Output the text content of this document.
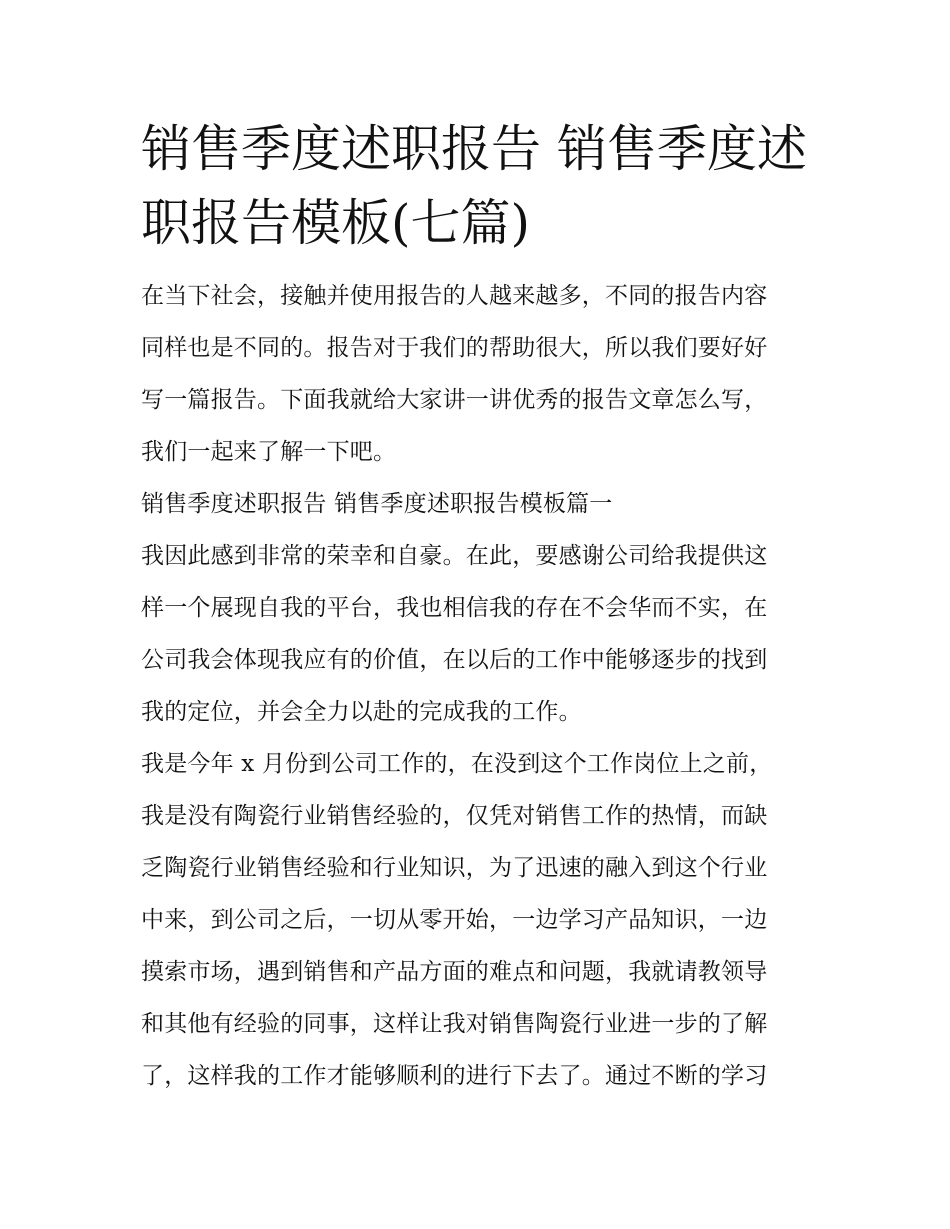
销售季度述职报告 销售季度述
职报告模板(七篇)
在当下社会，接触并使用报告的人越来越多，不同的报告内容
同样也是不同的。报告对于我们的帮助很大，所以我们要好好
写一篇报告。下面我就给大家讲一讲优秀的报告文章怎么写，
我们一起来了解一下吧。
销售季度述职报告 销售季度述职报告模板篇一
我因此感到非常的荣幸和自豪。在此，要感谢公司给我提供这
样一个展现自我的平台，我也相信我的存在不会华而不实，在
公司我会体现我应有的价值，在以后的工作中能够逐步的找到
我的定位，并会全力以赴的完成我的工作。
我是今年 x 月份到公司工作的，在没到这个工作岗位上之前，
我是没有陶瓷行业销售经验的，仅凭对销售工作的热情，而缺
乏陶瓷行业销售经验和行业知识，为了迅速的融入到这个行业
中来，到公司之后，一切从零开始，一边学习产品知识，一边
摸索市场，遇到销售和产品方面的难点和问题，我就请教领导
和其他有经验的同事，这样让我对销售陶瓷行业进一步的了解
了，这样我的工作才能够顺利的进行下去了。通过不断的学习
